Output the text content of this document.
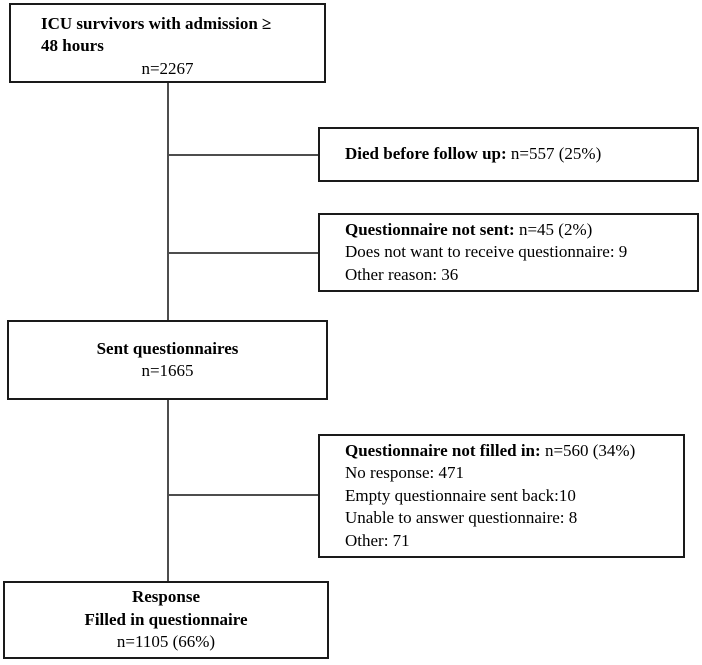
ICU survivors with admission ≥
48 hours
n=2267
Died before follow up: n=557 (25%)
Questionnaire not sent: n=45 (2%)
Does not want to receive questionnaire: 9
Other reason: 36
Sent questionnaires
n=1665
Questionnaire not filled in: n=560 (34%)
No response: 471
Empty questionnaire sent back:10
Unable to answer questionnaire: 8
Other: 71
Response
Filled in questionnaire
n=1105 (66%)
